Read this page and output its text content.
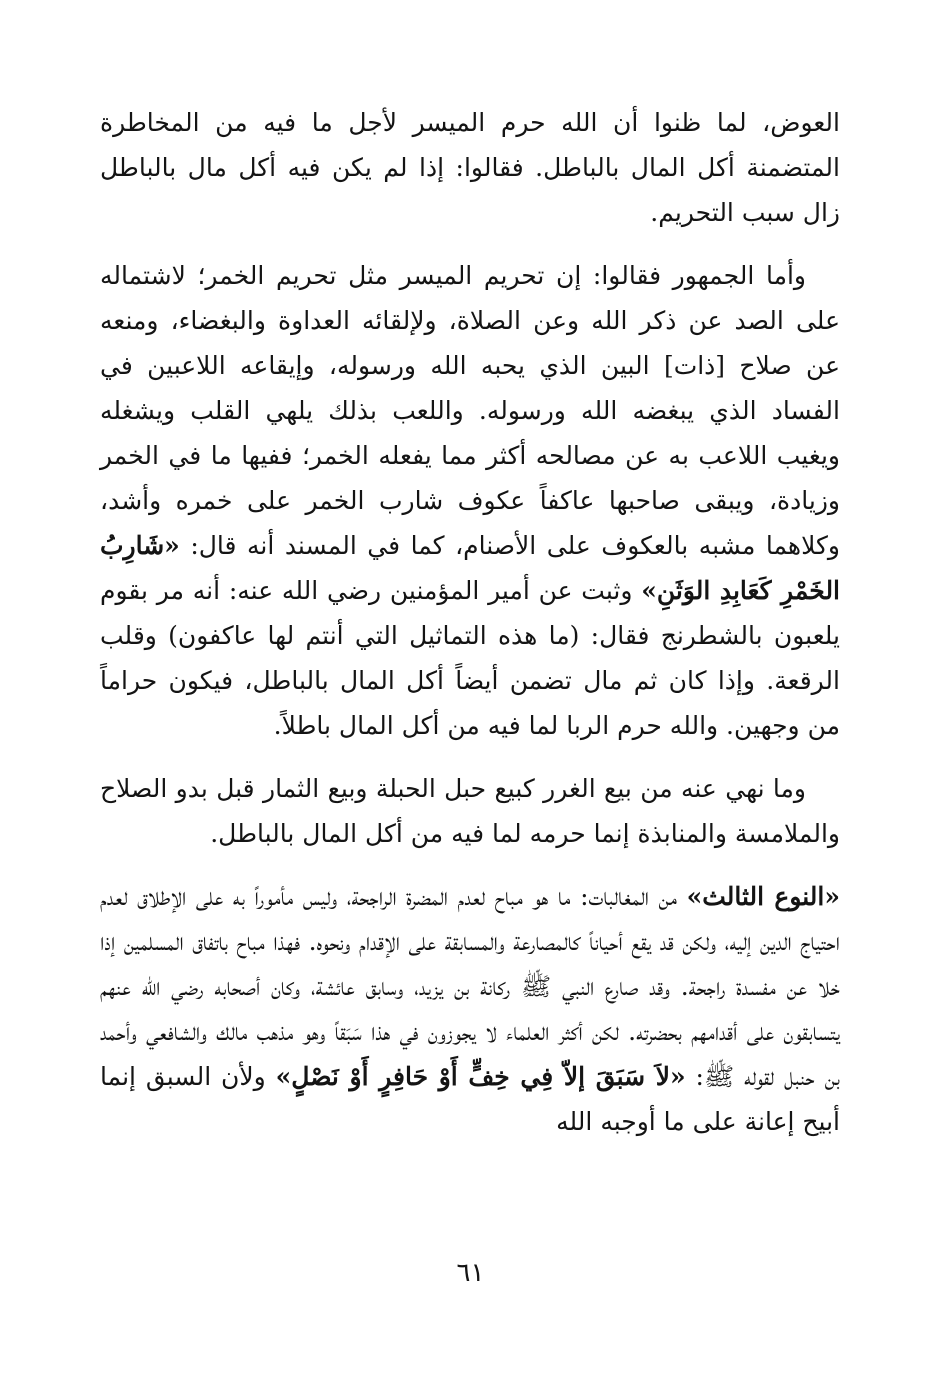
العوض، لما ظنوا أن الله حرم الميسر لأجل ما فيه من المخاطرة المتضمنة أكل المال بالباطل. فقالوا: إذا لم يكن فيه أكل مال بالباطل زال سبب التحريم.

وأما الجمهور فقالوا: إن تحريم الميسر مثل تحريم الخمر؛ لاشتماله على الصد عن ذكر الله وعن الصلاة، ولإلقائه العداوة والبغضاء، ومنعه عن صلاح [ذات] البين الذي يحبه الله ورسوله، وإيقاعه اللاعبين في الفساد الذي يبغضه الله ورسوله. واللعب بذلك يلهي القلب ويشغله ويغيب اللاعب به عن مصالحه أكثر مما يفعله الخمر؛ ففيها ما في الخمر وزيادة، ويبقى صاحبها عاكفاً عكوف شارب الخمر على خمره وأشد، وكلاهما مشبه بالعكوف على الأصنام، كما في المسند أنه قال: «شَارِبُ الخَمْرِ كَعَابِدِ الوَثَنِ» وثبت عن أمير المؤمنين رضي الله عنه: أنه مر بقوم يلعبون بالشطرنج فقال: (ما هذه التماثيل التي أنتم لها عاكفون) وقلب الرقعة. وإذا كان ثم مال تضمن أيضاً أكل المال بالباطل، فيكون حراماً من وجهين. والله حرم الربا لما فيه من أكل المال باطلاً.

وما نهي عنه من بيع الغرر كبيع حبل الحبلة وبيع الثمار قبل بدو الصلاح والملامسة والمنابذة إنما حرمه لما فيه من أكل المال بالباطل.

«النوع الثالث» من المغالبات: ما هو مباح لعدم المضرة الراجحة، وليس مأموراً به على الإطلاق لعدم احتياج الدين إليه، ولكن قد يقع أحياناً كالمصارعة والمسابقة على الإقدام ونحوه. فهذا مباح باتفاق المسلمين إذا خلا عن مفسدة راجحة. وقد صارع النبي ﷺ ركانة بن يزيد، وسابق عائشة، وكان أصحابه رضي الله عنهم يتسابقون على أقدامهم بحضرته. لكن أكثر العلماء لا يجوزون في هذا سَبَقاً وهو مذهب مالك والشافعي وأحمد بن حنبل لقوله ﷺ: «لاَ سَبَقَ إلاّ فِي خِفٍّ أَوْ حَافِرٍ أَوْ نَصْلٍ» ولأن السبق إنما أبيح إعانة على ما أوجبه الله

٦١
